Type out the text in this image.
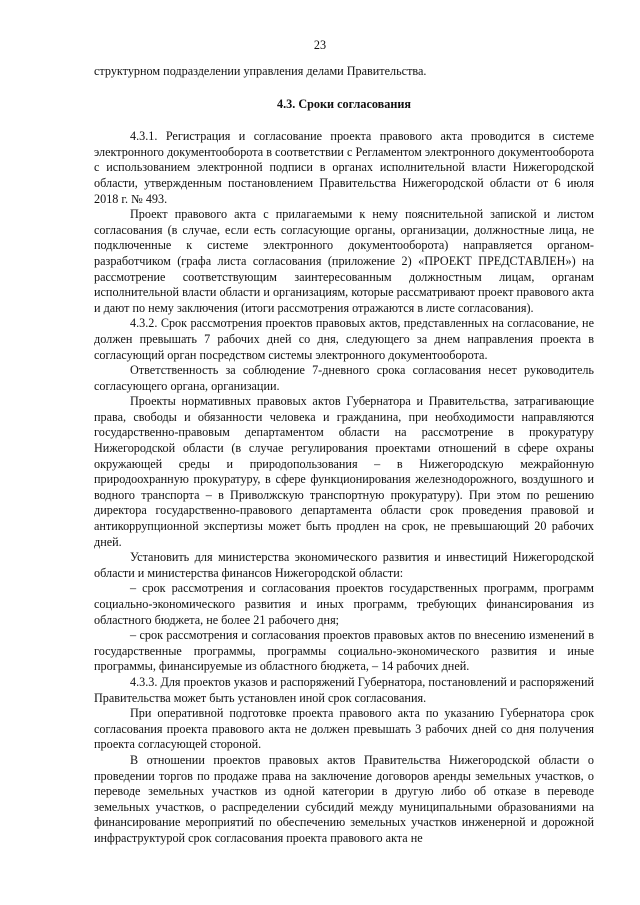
23

структурном подразделении управления делами Правительства.

4.3. Сроки согласования

4.3.1. Регистрация и согласование проекта правового акта проводится в системе электронного документооборота в соответствии с Регламентом электронного документооборота с использованием электронной подписи в органах исполнительной власти Нижегородской области, утвержденным постановлением Правительства Нижегородской области от 6 июля 2018 г. № 493.

Проект правового акта с прилагаемыми к нему пояснительной запиской и листом согласования (в случае, если есть согласующие органы, организации, должностные лица, не подключенные к системе электронного документооборота) направляется органом-разработчиком (графа листа согласования (приложение 2) «ПРОЕКТ ПРЕДСТАВЛЕН») на рассмотрение соответствующим заинтересованным должностным лицам, органам исполнительной власти области и организациям, которые рассматривают проект правового акта и дают по нему заключения (итоги рассмотрения отражаются в листе согласования).

4.3.2. Срок рассмотрения проектов правовых актов, представленных на согласование, не должен превышать 7 рабочих дней со дня, следующего за днем направления проекта в согласующий орган посредством системы электронного документооборота.

Ответственность за соблюдение 7-дневного срока согласования несет руководитель согласующего органа, организации.

Проекты нормативных правовых актов Губернатора и Правительства, затрагивающие права, свободы и обязанности человека и гражданина, при необходимости направляются государственно-правовым департаментом области на рассмотрение в прокуратуру Нижегородской области (в случае регулирования проектами отношений в сфере охраны окружающей среды и природопользования – в Нижегородскую межрайонную природоохранную прокуратуру, в сфере функционирования железнодорожного, воздушного и водного транспорта – в Приволжскую транспортную прокуратуру). При этом по решению директора государственно-правового департамента области срок проведения правовой и антикоррупционной экспертизы может быть продлен на срок, не превышающий 20 рабочих дней.

Установить для министерства экономического развития и инвестиций Нижегородской области и министерства финансов Нижегородской области:

– срок рассмотрения и согласования проектов государственных программ, программ социально-экономического развития и иных программ, требующих финансирования из областного бюджета, не более 21 рабочего дня;

– срок рассмотрения и согласования проектов правовых актов по внесению изменений в государственные программы, программы социально-экономического развития и иные программы, финансируемые из областного бюджета, – 14 рабочих дней.

4.3.3. Для проектов указов и распоряжений Губернатора, постановлений и распоряжений Правительства может быть установлен иной срок согласования.

При оперативной подготовке проекта правового акта по указанию Губернатора срок согласования проекта правового акта не должен превышать 3 рабочих дней со дня получения проекта согласующей стороной.

В отношении проектов правовых актов Правительства Нижегородской области о проведении торгов по продаже права на заключение договоров аренды земельных участков, о переводе земельных участков из одной категории в другую либо об отказе в переводе земельных участков, о распределении субсидий между муниципальными образованиями на финансирование мероприятий по обеспечению земельных участков инженерной и дорожной инфраструктурой срок согласования проекта правового акта не
